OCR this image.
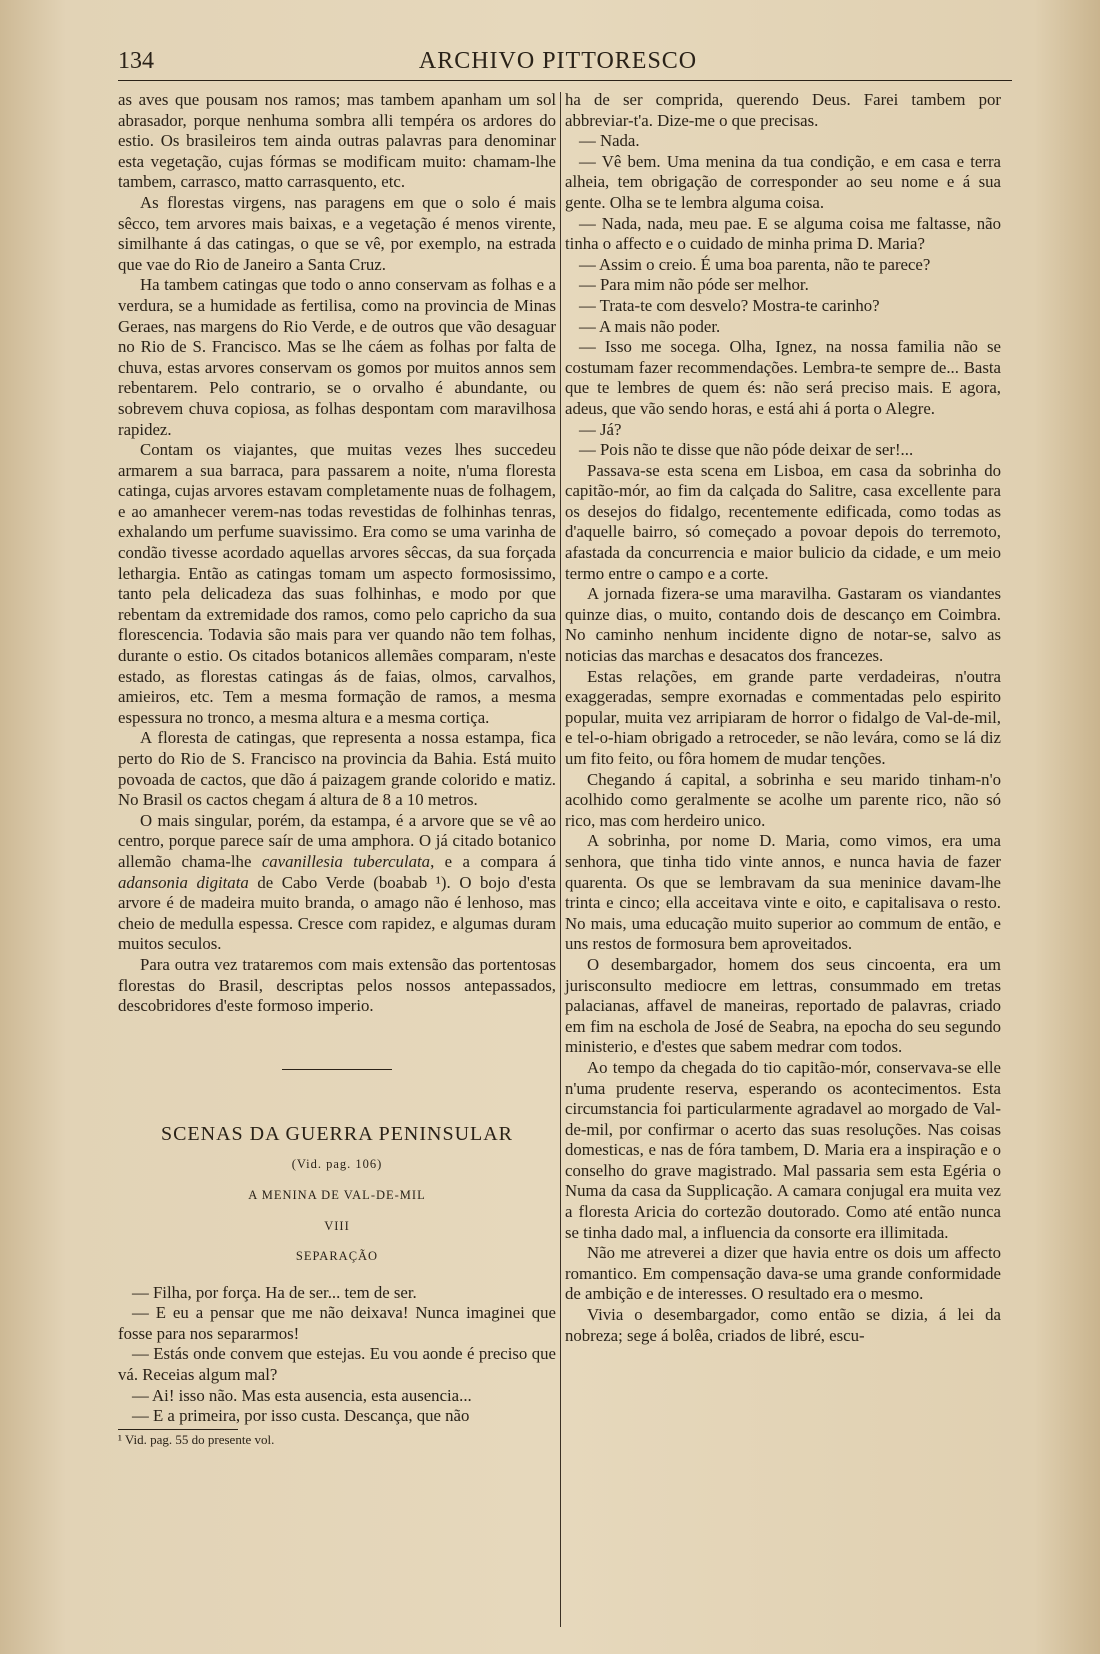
134	ARCHIVO PITTORESCO

as aves que pousam nos ramos; mas tambem apanham um sol abrasador, porque nenhuma sombra alli tempéra os ardores do estio. Os brasileiros tem ainda outras palavras para denominar esta vegetação, cujas fórmas se modificam muito: chamam-lhe tambem, carrasco, matto carrasquento, etc.

As florestas virgens, nas paragens em que o solo é mais sêcco, tem arvores mais baixas, e a vegetação é menos virente, similhante á das catingas, o que se vê, por exemplo, na estrada que vae do Rio de Janeiro a Santa Cruz.

Ha tambem catingas que todo o anno conservam as folhas e a verdura, se a humidade as fertilisa, como na provincia de Minas Geraes, nas margens do Rio Verde, e de outros que vão desaguar no Rio de S. Francisco. Mas se lhe cáem as folhas por falta de chuva, estas arvores conservam os gomos por muitos annos sem rebentarem. Pelo contrario, se o orvalho é abundante, ou sobrevem chuva copiosa, as folhas despontam com maravilhosa rapidez.

Contam os viajantes, que muitas vezes lhes succedeu armarem a sua barraca, para passarem a noite, n'uma floresta catinga, cujas arvores estavam completamente nuas de folhagem, e ao amanhecer verem-nas todas revestidas de folhinhas tenras, exhalando um perfume suavissimo. Era como se uma varinha de condão tivesse acordado aquellas arvores sêccas, da sua forçada lethargia. Então as catingas tomam um aspecto formosissimo, tanto pela delicadeza das suas folhinhas, e modo por que rebentam da extremidade dos ramos, como pelo capricho da sua florescencia. Todavia são mais para ver quando não tem folhas, durante o estio. Os citados botanicos allemães comparam, n'este estado, as florestas catingas ás de faias, olmos, carvalhos, amieiros, etc. Tem a mesma formação de ramos, a mesma espessura no tronco, a mesma altura e a mesma cortiça.

A floresta de catingas, que representa a nossa estampa, fica perto do Rio de S. Francisco na provincia da Bahia. Está muito povoada de cactos, que dão á paizagem grande colorido e matiz. No Brasil os cactos chegam á altura de 8 a 10 metros.

O mais singular, porém, da estampa, é a arvore que se vê ao centro, porque parece saír de uma amphora. O já citado botanico allemão chama-lhe cavanillesia tuberculata, e a compara á adansonia digitata de Cabo Verde (boabab ¹). O bojo d'esta arvore é de madeira muito branda, o amago não é lenhoso, mas cheio de medulla espessa. Cresce com rapidez, e algumas duram muitos seculos.

Para outra vez trataremos com mais extensão das portentosas florestas do Brasil, descriptas pelos nossos antepassados, descobridores d'este formoso imperio.

SCENAS DA GUERRA PENINSULAR
(Vid. pag. 106)
A MENINA DE VAL-DE-MIL
VIII
SEPARAÇÃO

— Filha, por força. Ha de ser... tem de ser.

— E eu a pensar que me não deixava! Nunca imaginei que fosse para nos separarmos!

— Estás onde convem que estejas. Eu vou aonde é preciso que vá. Receias algum mal?

— Ai! isso não. Mas esta ausencia, esta ausencia...

— E a primeira, por isso custa. Descança, que não

¹ Vid. pag. 55 do presente vol.

ha de ser comprida, querendo Deus. Farei tambem por abbreviar-t'a. Dize-me o que precisas.

— Nada.

— Vê bem. Uma menina da tua condição, e em casa e terra alheia, tem obrigação de corresponder ao seu nome e á sua gente. Olha se te lembra alguma coisa.

— Nada, nada, meu pae. E se alguma coisa me faltasse, não tinha o affecto e o cuidado de minha prima D. Maria?

— Assim o creio. É uma boa parenta, não te parece?

— Para mim não póde ser melhor.

— Trata-te com desvelo? Mostra-te carinho?

— A mais não poder.

— Isso me socega. Olha, Ignez, na nossa familia não se costumam fazer recommendações. Lembra-te sempre de... Basta que te lembres de quem és: não será preciso mais. E agora, adeus, que vão sendo horas, e está ahi á porta o Alegre.

— Já?

— Pois não te disse que não póde deixar de ser!...

Passava-se esta scena em Lisboa, em casa da sobrinha do capitão-mór, ao fim da calçada do Salitre, casa excellente para os desejos do fidalgo, recentemente edificada, como todas as d'aquelle bairro, só começado a povoar depois do terremoto, afastada da concurrencia e maior bulicio da cidade, e um meio termo entre o campo e a corte.

A jornada fizera-se uma maravilha. Gastaram os viandantes quinze dias, o muito, contando dois de descanço em Coimbra. No caminho nenhum incidente digno de notar-se, salvo as noticias das marchas e desacatos dos francezes.

Estas relações, em grande parte verdadeiras, n'outra exaggeradas, sempre exornadas e commentadas pelo espirito popular, muita vez arripiaram de horror o fidalgo de Val-de-mil, e tel-o-hiam obrigado a retroceder, se não levára, como se lá diz um fito feito, ou fôra homem de mudar tenções.

Chegando á capital, a sobrinha e seu marido tinham-n'o acolhido como geralmente se acolhe um parente rico, não só rico, mas com herdeiro unico.

A sobrinha, por nome D. Maria, como vimos, era uma senhora, que tinha tido vinte annos, e nunca havia de fazer quarenta. Os que se lembravam da sua meninice davam-lhe trinta e cinco; ella acceitava vinte e oito, e capitalisava o resto. No mais, uma educação muito superior ao commum de então, e uns restos de formosura bem aproveitados.

O desembargador, homem dos seus cincoenta, era um jurisconsulto mediocre em lettras, consummado em tretas palacianas, affavel de maneiras, reportado de palavras, criado em fim na escholа de José de Seabra, na epocha do seu segundo ministerio, e d'estes que sabem medrar com todos.

Ao tempo da chegada do tio capitão-mór, conservava-se elle n'uma prudente reserva, esperando os acontecimentos. Esta circumstancia foi particularmente agradavel ao morgado de Val-de-mil, por confirmar o acerto das suas resoluções. Nas coisas domesticas, e nas de fóra tambem, D. Maria era a inspiração e o conselho do grave magistrado. Mal passaria sem esta Egéria o Numa da casa da Supplicação. A camara conjugal era muita vez a floresta Aricia do cortezão doutorado. Como até então nunca se tinha dado mal, a influencia da consorte era illimitada.

Não me atreverei a dizer que havia entre os dois um affecto romantico. Em compensação dava-se uma grande conformidade de ambição e de interesses. O resultado era o mesmo.

Vivia o desembargador, como então se dizia, á lei da nobreza; sege á bolêa, criados de libré, escu-
